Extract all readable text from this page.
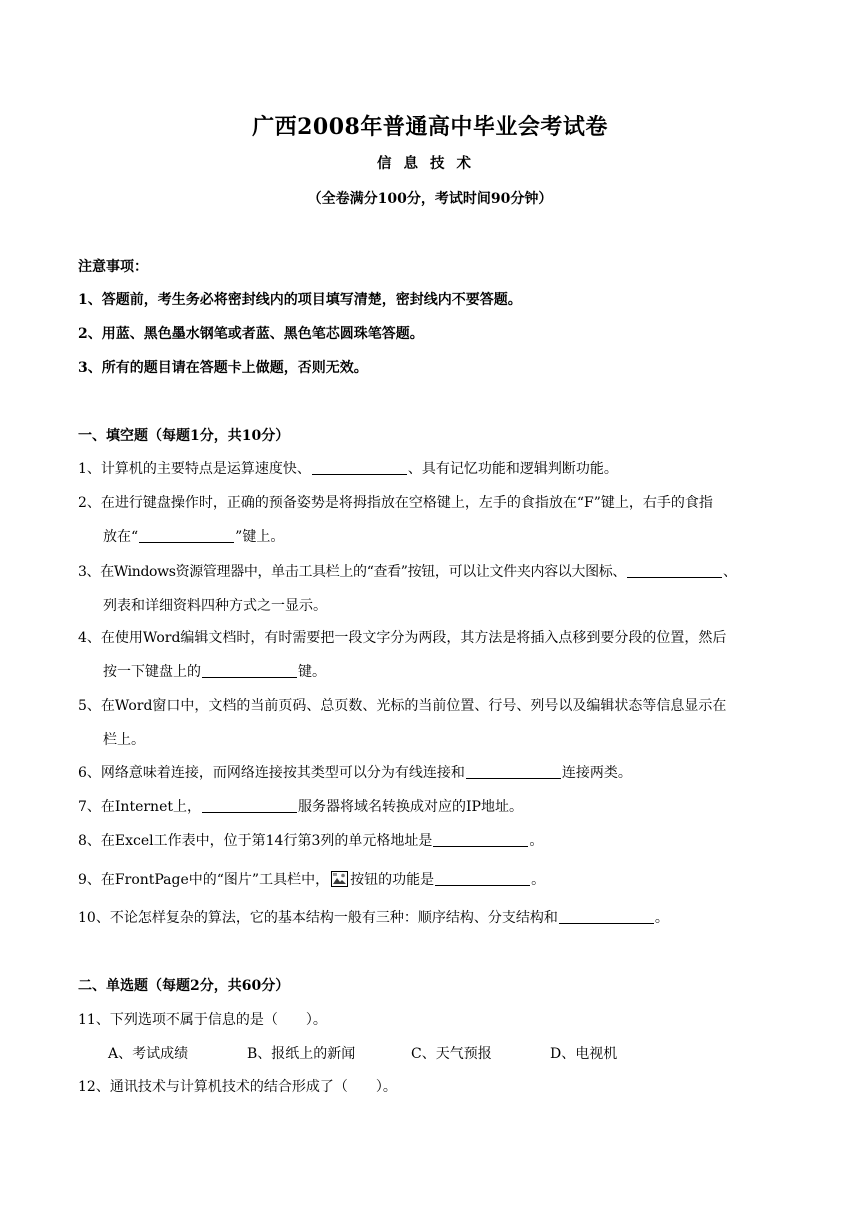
广西2008年普通高中毕业会考试卷
信息技术
（全卷满分100分，考试时间90分钟）
注意事项：
1、答题前，考生务必将密封线内的项目填写清楚，密封线内不要答题。
2、用蓝、黑色墨水钢笔或者蓝、黑色笔芯圆珠笔答题。
3、所有的题目请在答题卡上做题，否则无效。
一、填空题（每题1分，共10分）
1、计算机的主要特点是运算速度快、	、具有记忆功能和逻辑判断功能。
2、在进行键盘操作时，正确的预备姿势是将拇指放在空格键上，左手的食指放在“F”键上，右手的食指
放在“	”键上。
3、在Windows资源管理器中，单击工具栏上的“查看”按钮，可以让文件夹内容以大图标、	、
列表和详细资料四种方式之一显示。
4、在使用Word编辑文档时，有时需要把一段文字分为两段，其方法是将插入点移到要分段的位置，然后
按一下键盘上的	键。
5、在Word窗口中，文档的当前页码、总页数、光标的当前位置、行号、列号以及编辑状态等信息显示在
栏上。
6、网络意味着连接，而网络连接按其类型可以分为有线连接和	连接两类。
7、在Internet上，	服务器将域名转换成对应的IP地址。
8、在Excel工作表中，位于第14行第3列的单元格地址是	。
9、在FrontPage中的“图片”工具栏中， 按钮的功能是	。
10、不论怎样复杂的算法，它的基本结构一般有三种：顺序结构、分支结构和	。
二、单选题（每题2分，共60分）
11、下列选项不属于信息的是（　　）。
A、考试成绩	B、报纸上的新闻	C、天气预报	D、电视机
12、通讯技术与计算机技术的结合形成了（　　）。
